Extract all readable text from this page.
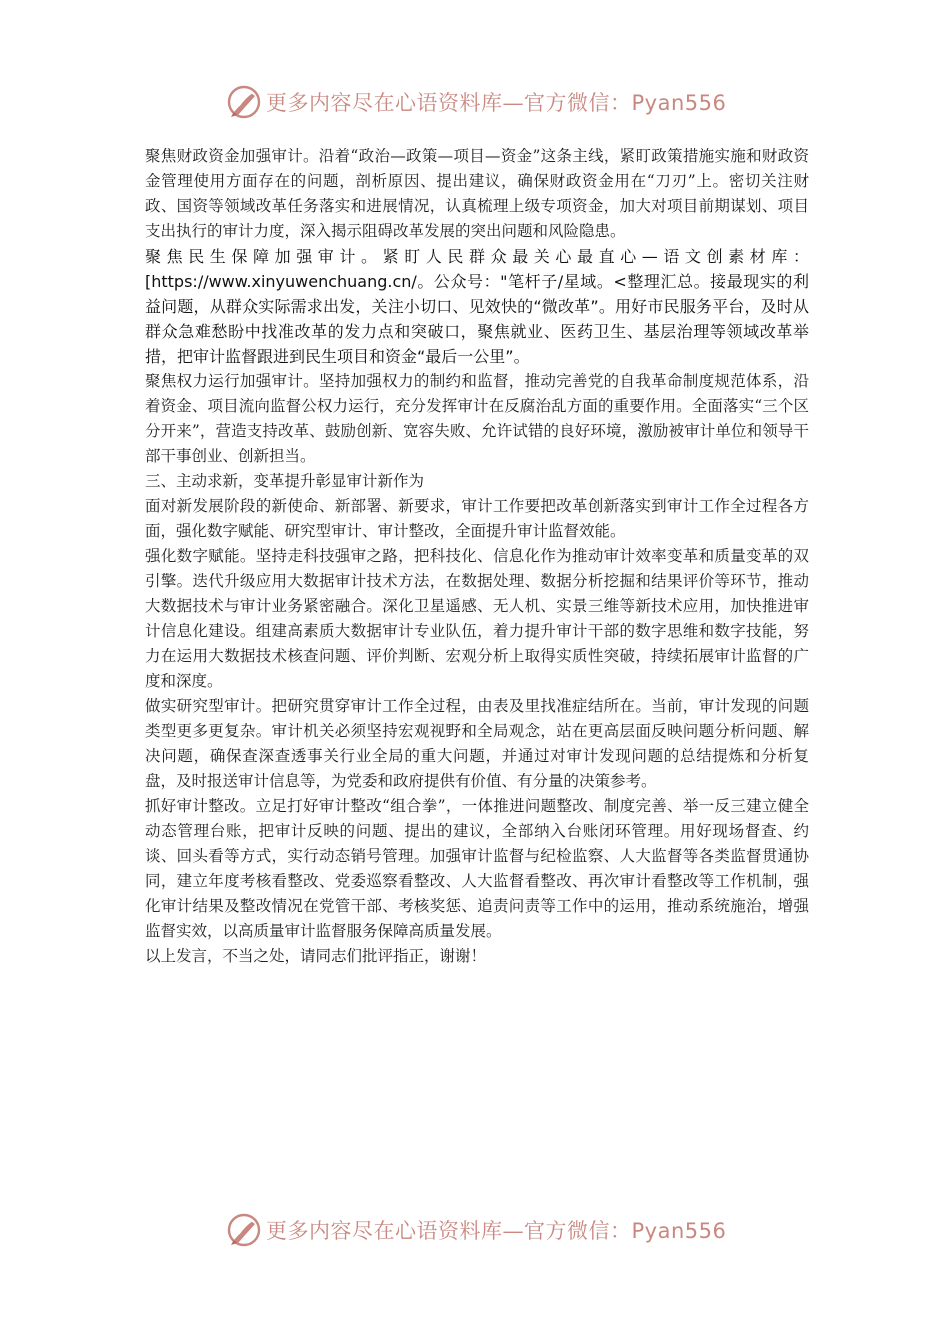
更多内容尽在心语资料库—官方微信：Pyan556

聚焦财政资金加强审计。沿着“政治—政策—项目—资金”这条主线，紧盯政策措施实施和财政资金管理使用方面存在的问题，剖析原因、提出建议，确保财政资金用在“刀刃”上。密切关注财政、国资等领域改革任务落实和进展情况，认真梳理上级专项资金，加大对项目前期谋划、项目支出执行的审计力度，深入揭示阻碍改革发展的突出问题和风险隐患。

聚焦民生保障加强审计。紧盯人民群众最关心最直心—语文创素材库：[https://www.xinyuwenchuang.cn/。公众号："笔杆子/星域。<整理汇总。接最现实的利益问题，从群众实际需求出发，关注小切口、见效快的“微改革”。用好市民服务平台，及时从群众急难愁盼中找准改革的发力点和突破口，聚焦就业、医药卫生、基层治理等领域改革举措，把审计监督跟进到民生项目和资金“最后一公里”。

聚焦权力运行加强审计。坚持加强权力的制约和监督，推动完善党的自我革命制度规范体系，沿着资金、项目流向监督公权力运行，充分发挥审计在反腐治乱方面的重要作用。全面落实“三个区分开来”，营造支持改革、鼓励创新、宽容失败、允许试错的良好环境，激励被审计单位和领导干部干事创业、创新担当。

三、主动求新，变革提升彰显审计新作为

面对新发展阶段的新使命、新部署、新要求，审计工作要把改革创新落实到审计工作全过程各方面，强化数字赋能、研究型审计、审计整改，全面提升审计监督效能。

强化数字赋能。坚持走科技强审之路，把科技化、信息化作为推动审计效率变革和质量变革的双引擎。迭代升级应用大数据审计技术方法，在数据处理、数据分析挖掘和结果评价等环节，推动大数据技术与审计业务紧密融合。深化卫星遥感、无人机、实景三维等新技术应用，加快推进审计信息化建设。组建高素质大数据审计专业队伍，着力提升审计干部的数字思维和数字技能，努力在运用大数据技术核查问题、评价判断、宏观分析上取得实质性突破，持续拓展审计监督的广度和深度。

做实研究型审计。把研究贯穿审计工作全过程，由表及里找准症结所在。当前，审计发现的问题类型更多更复杂。审计机关必须坚持宏观视野和全局观念，站在更高层面反映问题分析问题、解决问题，确保查深查透事关行业全局的重大问题，并通过对审计发现问题的总结提炼和分析复盘，及时报送审计信息等，为党委和政府提供有价值、有分量的决策参考。

抓好审计整改。立足打好审计整改“组合拳”，一体推进问题整改、制度完善、举一反三建立健全动态管理台账，把审计反映的问题、提出的建议，全部纳入台账闭环管理。用好现场督查、约谈、回头看等方式，实行动态销号管理。加强审计监督与纪检监察、人大监督等各类监督贯通协同，建立年度考核看整改、党委巡察看整改、人大监督看整改、再次审计看整改等工作机制，强化审计结果及整改情况在党管干部、考核奖惩、追责问责等工作中的运用，推动系统施治，增强监督实效，以高质量审计监督服务保障高质量发展。

以上发言，不当之处，请同志们批评指正，谢谢！

更多内容尽在心语资料库—官方微信：Pyan556
